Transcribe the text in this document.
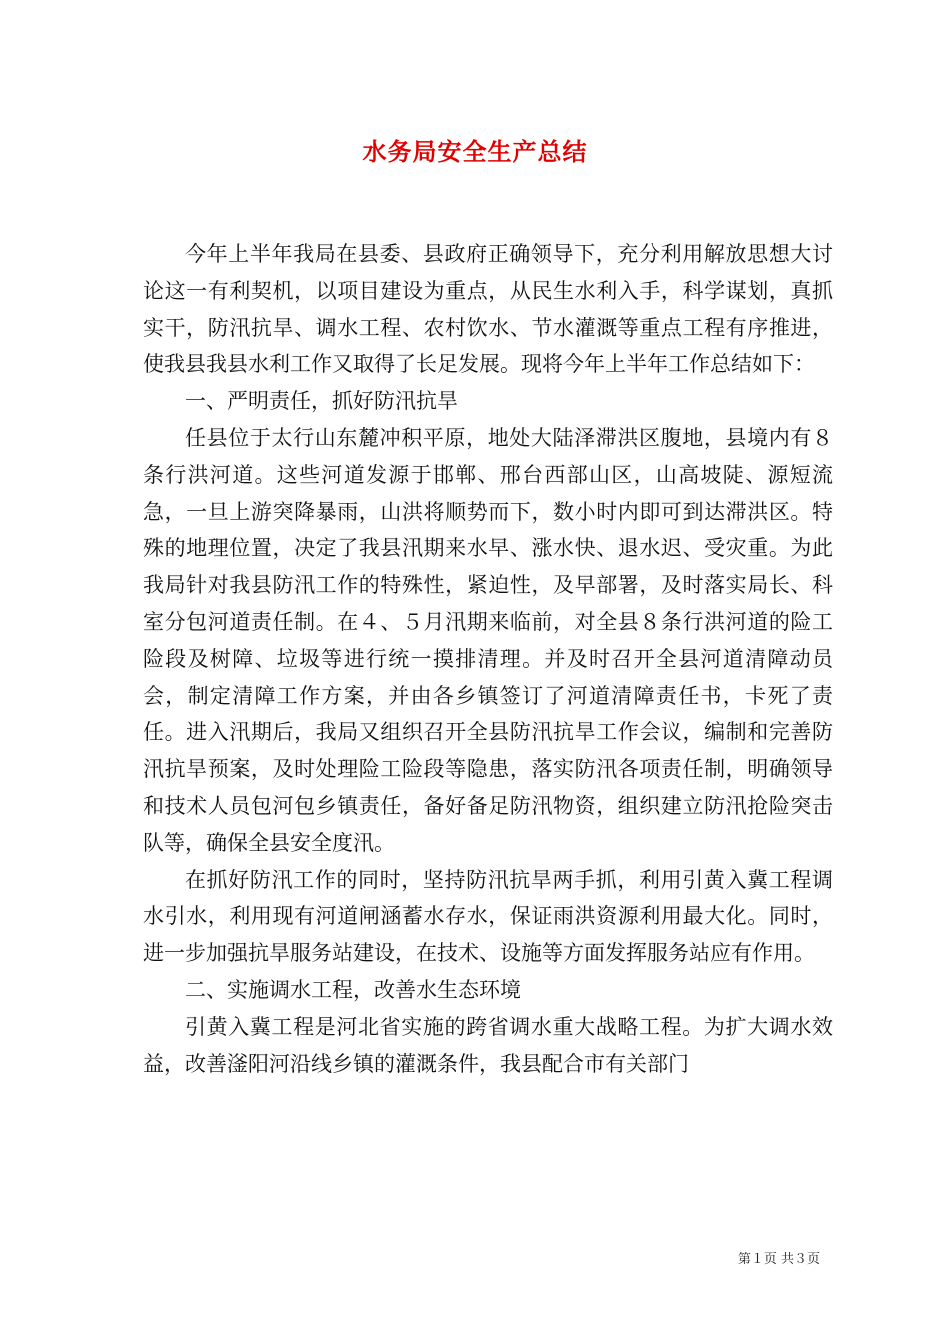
水务局安全生产总结

今年上半年我局在县委、县政府正确领导下，充分利用解放思想大讨论这一有利契机，以项目建设为重点，从民生水利入手，科学谋划，真抓实干，防汛抗旱、调水工程、农村饮水、节水灌溉等重点工程有序推进，使我县我县水利工作又取得了长足发展。现将今年上半年工作总结如下：

一、严明责任，抓好防汛抗旱

任县位于太行山东麓冲积平原，地处大陆泽滞洪区腹地，县境内有８条行洪河道。这些河道发源于邯郸、邢台西部山区，山高坡陡、源短流急，一旦上游突降暴雨，山洪将顺势而下，数小时内即可到达滞洪区。特殊的地理位置，决定了我县汛期来水早、涨水快、退水迟、受灾重。为此我局针对我县防汛工作的特殊性，紧迫性，及早部署，及时落实局长、科室分包河道责任制。在４、５月汛期来临前，对全县８条行洪河道的险工险段及树障、垃圾等进行统一摸排清理。并及时召开全县河道清障动员会，制定清障工作方案，并由各乡镇签订了河道清障责任书，卡死了责任。进入汛期后，我局又组织召开全县防汛抗旱工作会议，编制和完善防汛抗旱预案，及时处理险工险段等隐患，落实防汛各项责任制，明确领导和技术人员包河包乡镇责任，备好备足防汛物资，组织建立防汛抢险突击队等，确保全县安全度汛。

在抓好防汛工作的同时，坚持防汛抗旱两手抓，利用引黄入冀工程调水引水，利用现有河道闸涵蓄水存水，保证雨洪资源利用最大化。同时，进一步加强抗旱服务站建设，在技术、设施等方面发挥服务站应有作用。

二、实施调水工程，改善水生态环境

引黄入冀工程是河北省实施的跨省调水重大战略工程。为扩大调水效益，改善滏阳河沿线乡镇的灌溉条件，我县配合市有关部门

第１页 共３页
